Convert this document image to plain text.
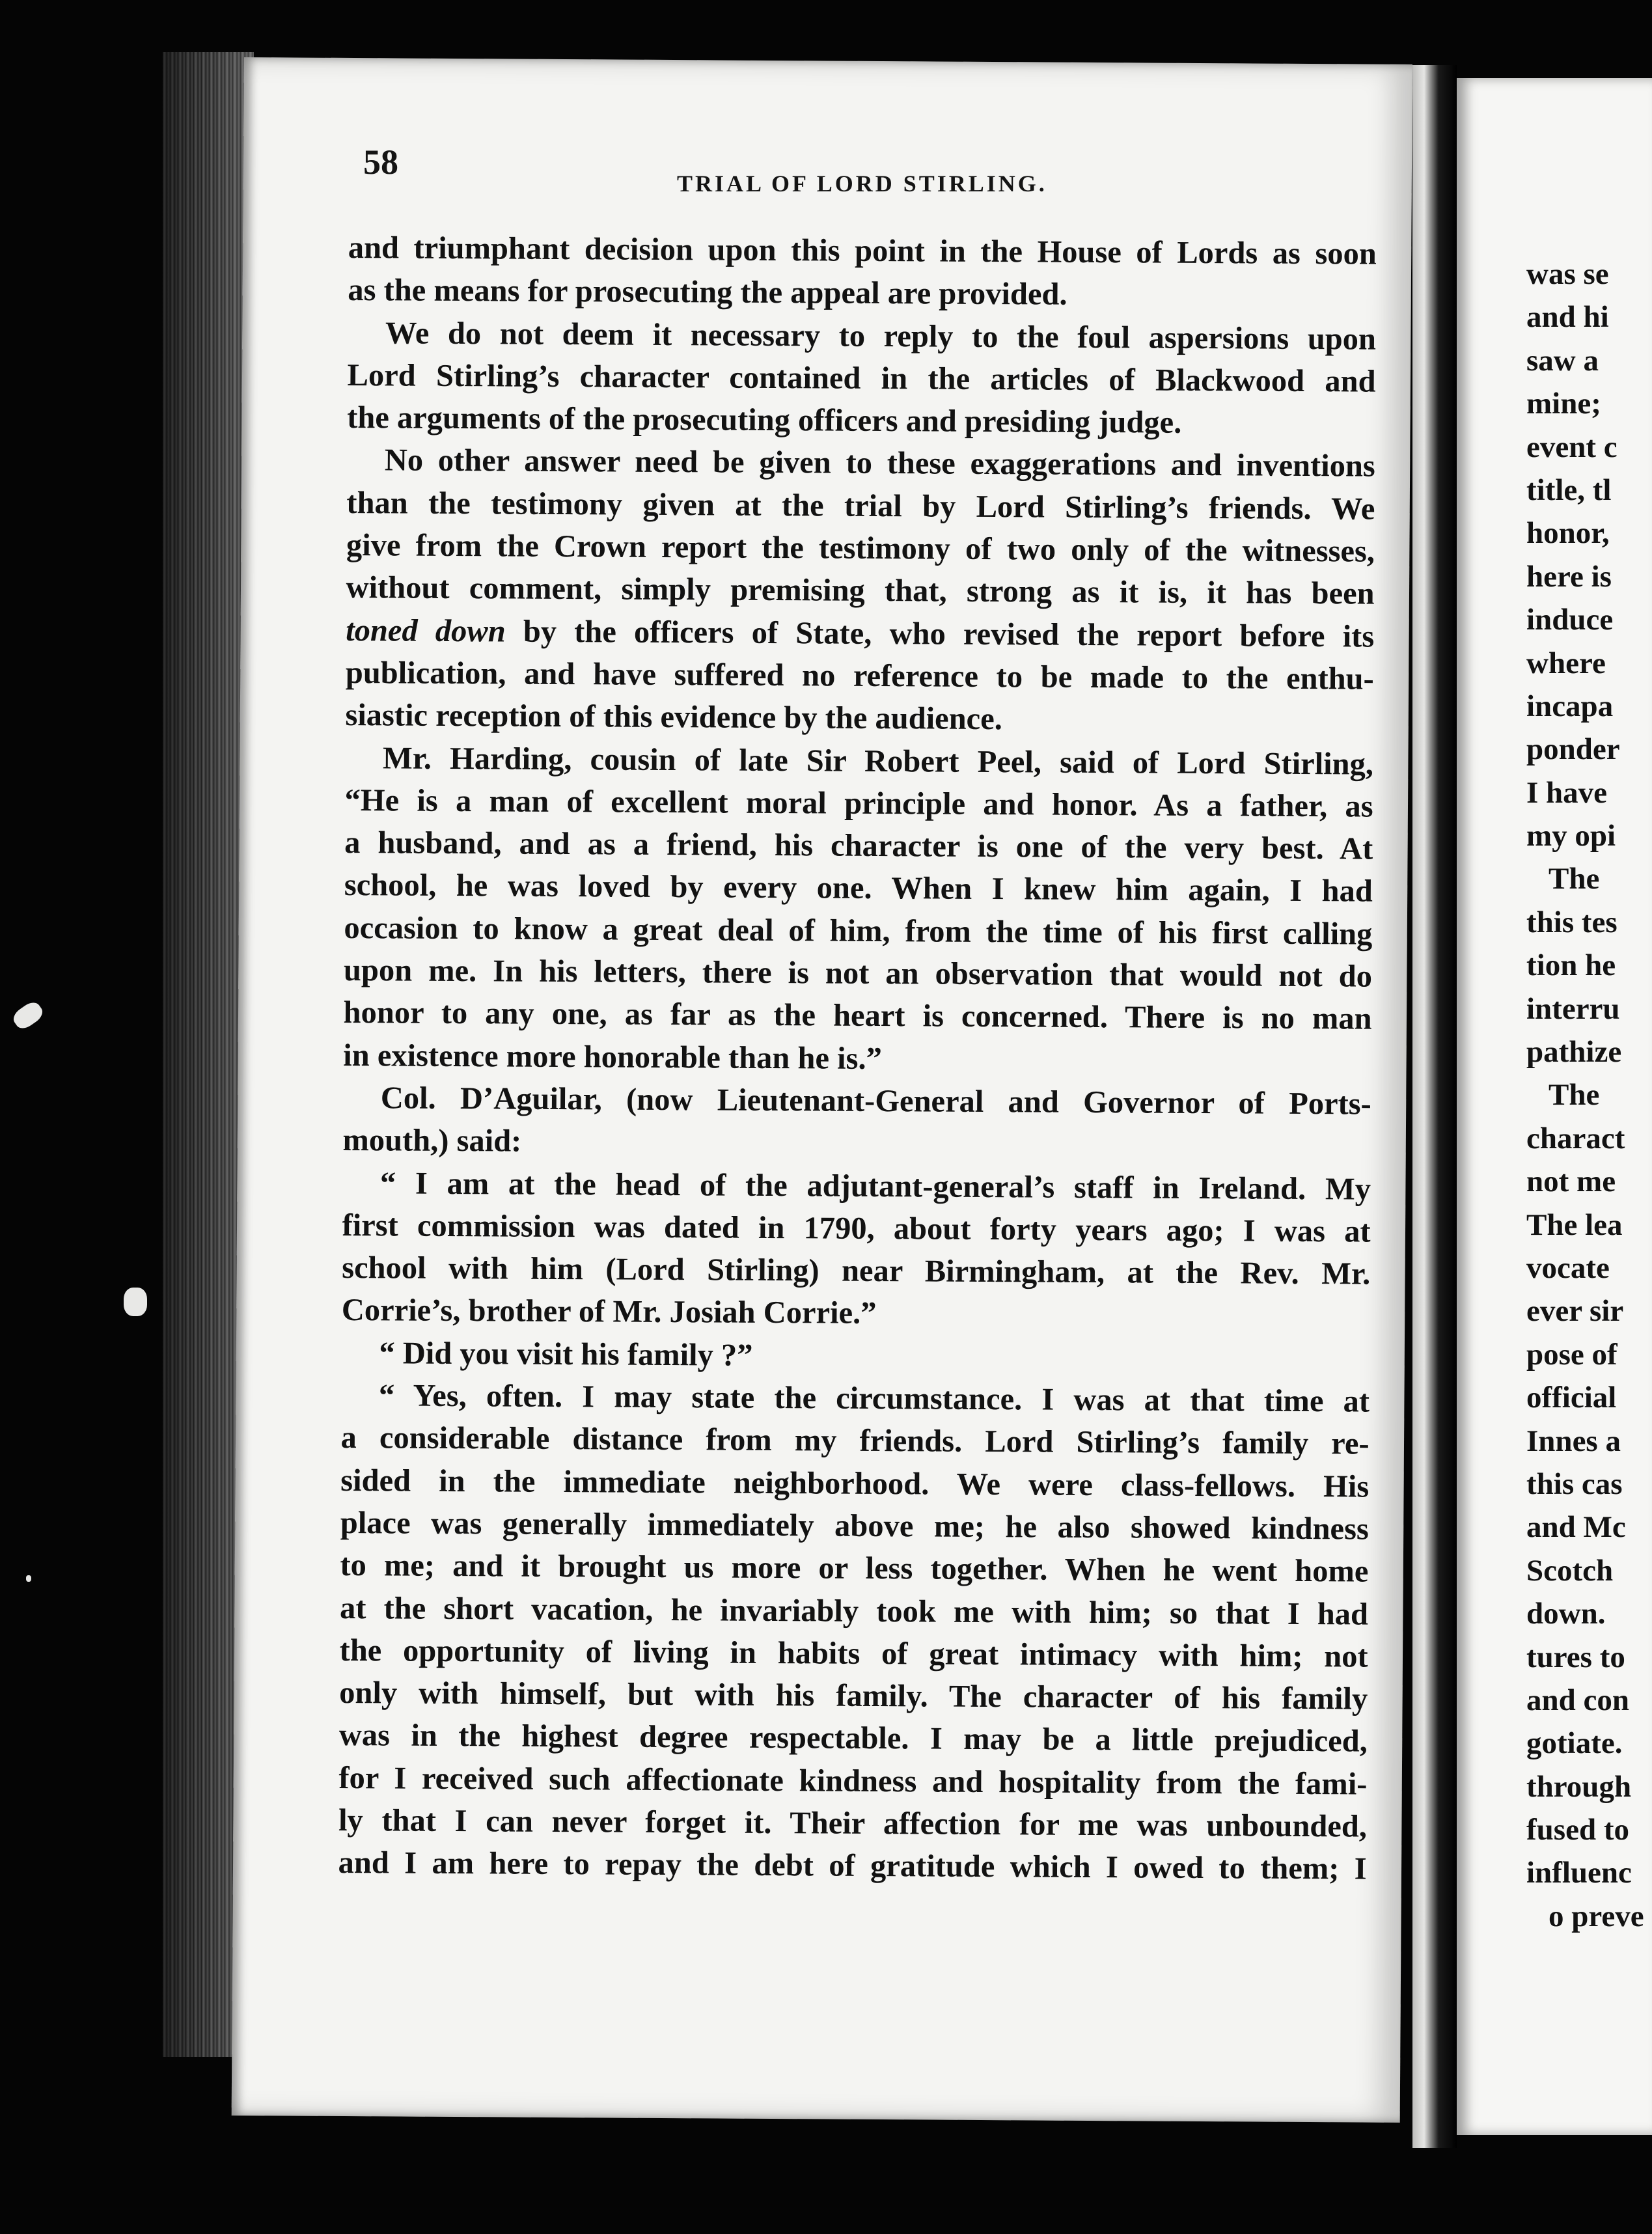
58
TRIAL OF LORD STIRLING.
and triumphant decision upon this point in the House of Lords as soon
as the means for prosecuting the appeal are provided.
We do not deem it necessary to reply to the foul aspersions upon
Lord Stirling’s character contained in the articles of Blackwood and
the arguments of the prosecuting officers and presiding judge.
No other answer need be given to these exaggerations and inventions
than the testimony given at the trial by Lord Stirling’s friends. We
give from the Crown report the testimony of two only of the witnesses,
without comment, simply premising that, strong as it is, it has been
toned down by the officers of State, who revised the report before its
publication, and have suffered no reference to be made to the enthu-
siastic reception of this evidence by the audience.
Mr. Harding, cousin of late Sir Robert Peel, said of Lord Stirling,
“He is a man of excellent moral principle and honor. As a father, as
a husband, and as a friend, his character is one of the very best. At
school, he was loved by every one. When I knew him again, I had
occasion to know a great deal of him, from the time of his first calling
upon me. In his letters, there is not an observation that would not do
honor to any one, as far as the heart is concerned. There is no man
in existence more honorable than he is.”
Col. D’Aguilar, (now Lieutenant-General and Governor of Ports-
mouth,) said:
“ I am at the head of the adjutant-general’s staff in Ireland. My
first commission was dated in 1790, about forty years ago; I was at
school with him (Lord Stirling) near Birmingham, at the Rev. Mr.
Corrie’s, brother of Mr. Josiah Corrie.”
“ Did you visit his family ?”
“ Yes, often. I may state the circumstance. I was at that time at
a considerable distance from my friends. Lord Stirling’s family re-
sided in the immediate neighborhood. We were class-fellows. His
place was generally immediately above me; he also showed kindness
to me; and it brought us more or less together. When he went home
at the short vacation, he invariably took me with him; so that I had
the opportunity of living in habits of great intimacy with him; not
only with himself, but with his family. The character of his family
was in the highest degree respectable. I may be a little prejudiced,
for I received such affectionate kindness and hospitality from the fami-
ly that I can never forget it. Their affection for me was unbounded,
and I am here to repay the debt of gratitude which I owed to them; I
was se
and hi
saw a
mine;
event c
title, tl
honor,
here is
induce
where
incapa
ponder
I have
my opi
The
this tes
tion he
interru
pathize
The
charact
not me
The lea
vocate
ever sir
pose of
official
Innes a
this cas
and Mc
Scotch
down.
tures to
and con
gotiate.
through
fused to
influenc
o preve
